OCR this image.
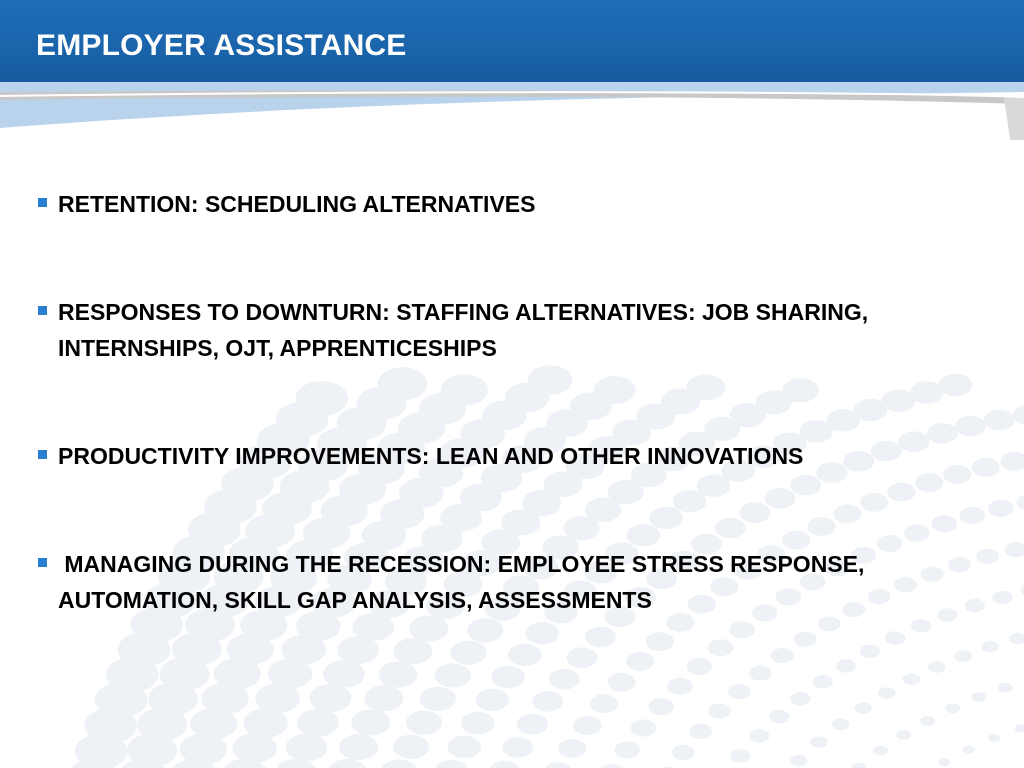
EMPLOYER ASSISTANCE
RETENTION: SCHEDULING ALTERNATIVES
RESPONSES TO DOWNTURN: STAFFING ALTERNATIVES: JOB SHARING, INTERNSHIPS, OJT, APPRENTICESHIPS
PRODUCTIVITY IMPROVEMENTS: LEAN AND OTHER INNOVATIONS
MANAGING DURING THE RECESSION: EMPLOYEE STRESS RESPONSE, AUTOMATION, SKILL GAP ANALYSIS, ASSESSMENTS
